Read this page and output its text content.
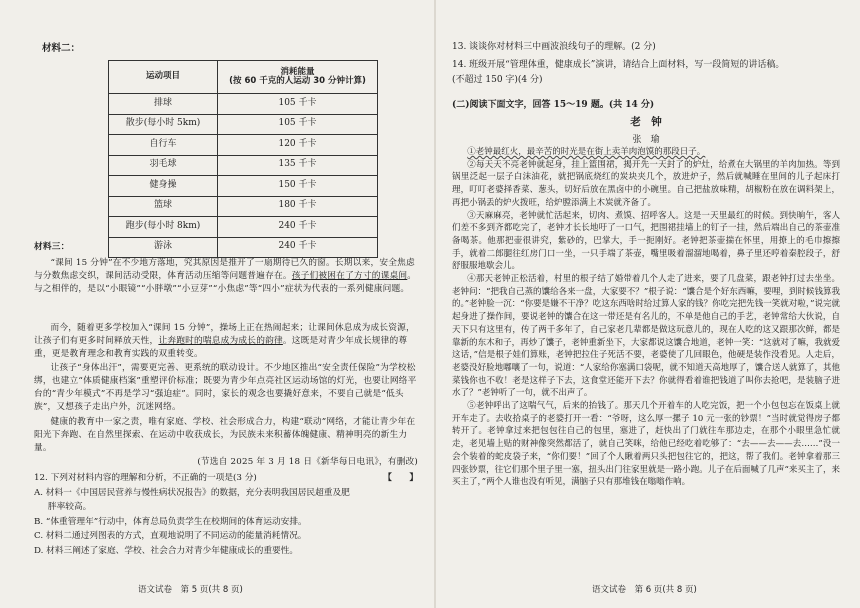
材料二：
运动项目	消耗能量
(按 60 千克的人运动 30 分钟计算)
排球	105 千卡
散步(每小时 5km)	105 千卡
自行车	120 千卡
羽毛球	135 千卡
健身操	150 千卡
篮球	180 千卡
跑步(每小时 8km)	240 千卡
游泳	240 千卡
材料三：
“课间 15 分钟”在不少地方落地，究其原因是推开了一扇期待已久的窗。长期以来，安全焦虑与分数焦虑交织，课间活动受限，体育活动压缩等问题普遍存在。孩子们被困在了方寸的课桌间。与之相伴的，是以“小眼镜”“小胖墩”“小豆芽”“小焦虑”等“四小”症状为代表的一系列健康问题。
而今，随着更多学校加入“课间 15 分钟”，操场上正在热闹起来；让课间休息成为成长资源，让孩子们有更多时间释放天性，让奔跑时的喘息成为成长的韵律。这既是对青少年成长规律的尊重，更是教育理念和教育实践的双重转变。
让孩子“身体出汗”，需要更完善、更系统的联动设计。不少地区推出“安全责任保险”为学校松绑，也建立“体质健康档案”重塑评价标准；既要为青少年点亮社区运动场馆的灯光，也要让网络平台的“青少年模式”不再是学习“强迫症”。同时，家长的观念也要撬好意来，不要自己就是“低头族”，又想孩子走出户外，沉迷网络。
健康的教育中一家之责，唯有家庭、学校、社会形成合力，构建“联动”网络，才能让青少年在阳光下奔跑、在自然里探索、在运动中收获成长，为民族未来积蓄体魄健康、精神明亮的新生力量。
(节选自 2025 年 3 月 18 日《新华每日电讯》，有删改)
12. 下列对材料内容的理解和分析，不正确的一项是(3 分)	【　　】
A. 材料一《中国居民营养与慢性病状况报告》的数据，充分表明我国居民超重及肥
胖率较高。
B. “体重管理年”行动中，体育总局负责学生在校期间的体育运动安排。
C. 材料二通过列图表的方式，直观地说明了不同运动的能量消耗情况。
D. 材料三阐述了家庭、学校、社会合力对青少年健康成长的重要性。
语文试卷　第 5 页(共 8 页)
13. 谈谈你对材料三中画波浪线句子的理解。(2 分)
14. 班级开展“管理体重，健康成长”演讲，请结合上面材料，写一段简短的讲话稿。
(不超过 150 字)(4 分)
(二)阅读下面文字，回答 15～19 题。(共 14 分)
老　钟
张　瑜

①老钟最红火，最辛苦的时光是在街上卖羊肉泡馍的那段日子。

②每天天不亮老钟就起身，挂上篮围裙，揭开先一天封了的炉灶，给煮在大锅里的羊肉加热。等到锅里泛起一层子白沫油花，就把锅底烧红的炭块夹几个，放进炉子，然后就喊睡在里间的儿子起床打理，叮叮老婆择香菜、葱头，切好后放在黑卤中的小碗里。自己把盐放味精，胡椒粉在放在调料架上，再把小锅丢的炉火拨旺，给炉膛添满上木炭就齐备了。

③天麻麻亮，老钟就忙活起来，切肉、煮馍、招呼客人。这是一天里最红的时候。到快晌午，客人们差不多到齐都吃完了，老钟才长长地吁了一口气，把围裙挂墙上的钉子一挂，然后端出自己的茶壶准备喝茶。他那把壶很讲究，紫砂的，巴掌大，手一扼刚好。老钟把茶壶揣在怀里，用撩上的毛巾擦擦手，就着二郎腿往红房门口一坐，一只手端了茶壶，嘴里吸着溜溜地喝着，鼻子里还哼着秦腔段子，舒舒服服地歇会儿。

④那天老钟正松活着，村里的根子结了婚带着几个人走了进来，要了几盘菜，跟老钟打过去坐坐。老钟问：“把我自己蒸的馕给各来一盘，大家要不？”根子说：“馕合是个好东西嘛，要哩，到时候钱算我的。”老钟脸一沉：“你要是嫌不干净？吃这东西啥时给过算人家的钱？你吃完把先钱一笑就对啦，”说完就起身进了操作间，要说老钟的馕合在这一带还是有名儿的，不单是他自己的手艺，老钟常给大伙说，自天下只有这里有，传了两千多年了，自己家老几辈都是做这玩意儿的，现在人吃的这又跟那次鲜，都是靠新的东木和子，再炒了馕子，老钟重新坐下，大家都说这馕合地道，老钟一笑：“这就对了嘛，我就爱这话，”信是根子娃们算账，老钟把拉住子死活不要，老婆使了几回眼色，他硬是装作没看见。人走后，老婆没好脸地嘟嚷了一句，说道：“人家给你塞满口袋呢，就不知道天高地厚了，馕合送人就算了，其他菜钱你也不收！老是这样子下去，这食堂还能开下去？你就得看着谁把钱道了叫你去抢吧，是装脑子进水了？”老钟听了一句，就不出声了。

⑤老钟呼出了这喘气气，后来的抬钱了。那天几个开着车的人吃完饭，把一个小包包忘在饭桌上就开车走了。去收拾桌子的老婆打开一看：“爷呀，这么厚一摞子 10 元一张的钞票！”当时就觉得房子都转开了。老钟拿过来把包包往自己的包里，塞进了，赶快出了门就往车那边走，在那个小眼里急忙就走，老见墙上贴的财神像突然都活了，就自己笑咪，给他已经吃着吃够了：“去——去——去……”没一会个装着的蛇皮袋子来，“你们要！”回了个人瞅着两只头把包往它的，把这，帮了我们。老钟拿着那三四张钞票，往它们那个里子里一塞，扭头出门往家里就是一路小跑。儿子在后面喊了几声“来买主了，来买主了，”两个人谁也没有听见，满脑子只有那堆钱在嗡嗡作响。

语文试卷　第 6 页(共 8 页)
